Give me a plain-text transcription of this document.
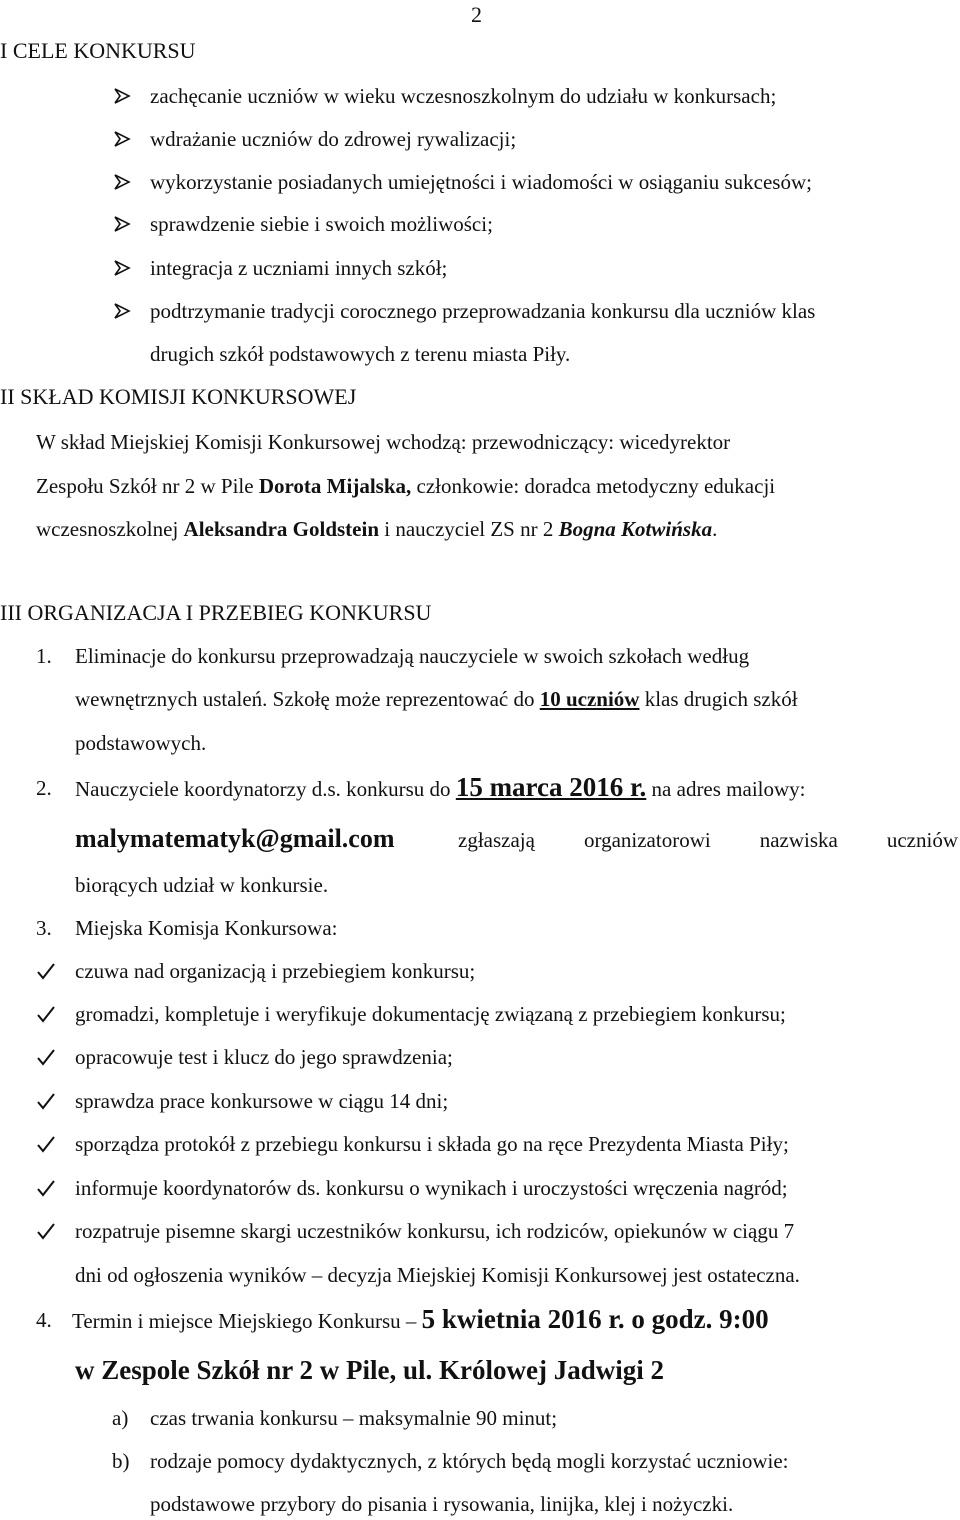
2
I CELE KONKURSU
zachęcanie uczniów w wieku wczesnoszkolnym do udziału w konkursach;
wdrażanie uczniów do zdrowej rywalizacji;
wykorzystanie posiadanych umiejętności i wiadomości w osiąganiu sukcesów;
sprawdzenie siebie i swoich możliwości;
integracja z uczniami innych szkół;
podtrzymanie tradycji corocznego przeprowadzania konkursu dla uczniów klas
drugich szkół podstawowych z terenu miasta Piły.
II SKŁAD KOMISJI KONKURSOWEJ
W skład Miejskiej Komisji Konkursowej wchodzą: przewodniczący: wicedyrektor
Zespołu Szkół nr 2 w Pile Dorota Mijalska, członkowie: doradca metodyczny edukacji
wczesnoszkolnej Aleksandra Goldstein i nauczyciel ZS nr 2 Bogna Kotwińska.
III ORGANIZACJA I PRZEBIEG KONKURSU
1. Eliminacje do konkursu przeprowadzają nauczyciele w swoich szkołach według
wewnętrznych ustaleń. Szkołę może reprezentować do 10 uczniów klas drugich szkół
podstawowych.
2. Nauczyciele koordynatorzy d.s. konkursu do 15 marca 2016 r. na adres mailowy:
malymatematyk@gmail.com	zgłaszają organizatorowi nazwiska uczniów
biorących udział w konkursie.
3. Miejska Komisja Konkursowa:
czuwa nad organizacją i przebiegiem konkursu;
gromadzi, kompletuje i weryfikuje dokumentację związaną z przebiegiem konkursu;
opracowuje test i klucz do jego sprawdzenia;
sprawdza prace konkursowe w ciągu 14 dni;
sporządza protokół z przebiegu konkursu i składa go na ręce Prezydenta Miasta Piły;
informuje koordynatorów ds. konkursu o wynikach i uroczystości wręczenia nagród;
rozpatruje pisemne skargi uczestników konkursu, ich rodziców, opiekunów w ciągu 7
dni od ogłoszenia wyników – decyzja Miejskiej Komisji Konkursowej jest ostateczna.
4. Termin i miejsce Miejskiego Konkursu – 5 kwietnia 2016 r. o godz. 9:00
w Zespole Szkół nr 2 w Pile, ul. Królowej Jadwigi 2
a) czas trwania konkursu – maksymalnie 90 minut;
b) rodzaje pomocy dydaktycznych, z których będą mogli korzystać uczniowie:
podstawowe przybory do pisania i rysowania, linijka, klej i nożyczki.
